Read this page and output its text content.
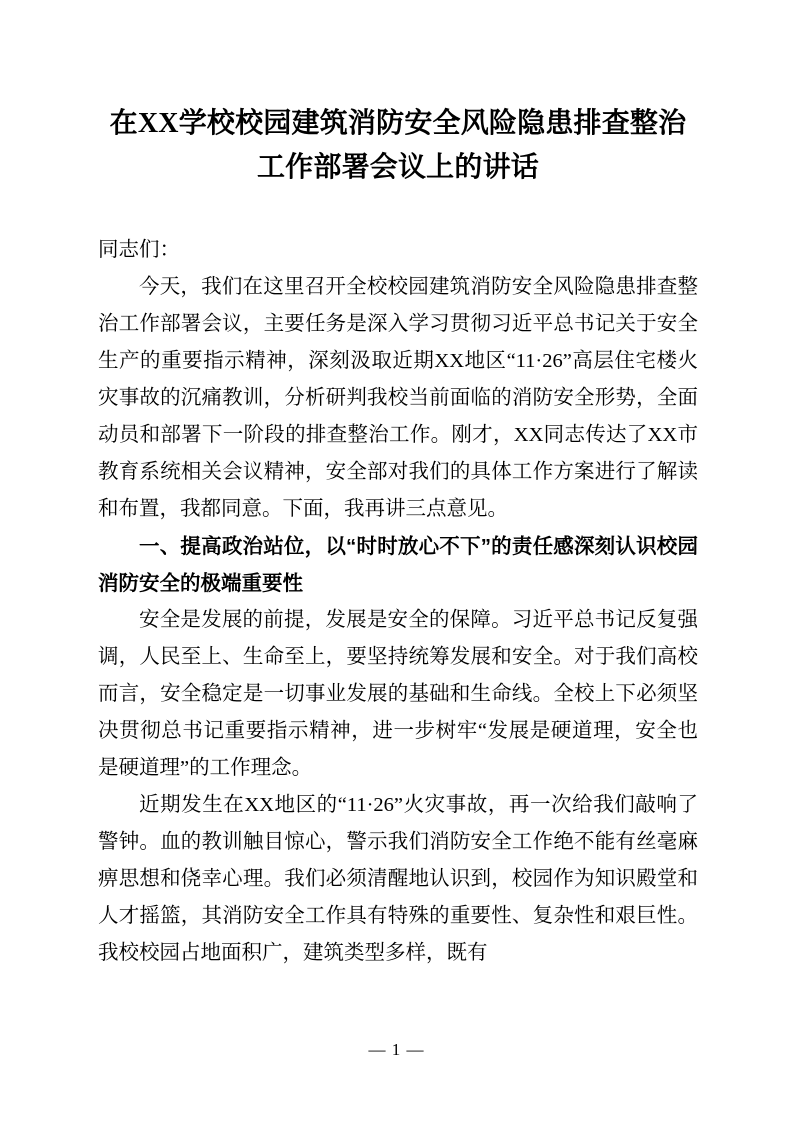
在XX学校校园建筑消防安全风险隐患排查整治工作部署会议上的讲话

同志们：

今天，我们在这里召开全校校园建筑消防安全风险隐患排查整治工作部署会议，主要任务是深入学习贯彻习近平总书记关于安全生产的重要指示精神，深刻汲取近期XX地区“11·26”高层住宅楼火灾事故的沉痛教训，分析研判我校当前面临的消防安全形势，全面动员和部署下一阶段的排查整治工作。刚才，XX同志传达了XX市教育系统相关会议精神，安全部对我们的具体工作方案进行了解读和布置，我都同意。下面，我再讲三点意见。

一、提高政治站位，以“时时放心不下”的责任感深刻认识校园消防安全的极端重要性

安全是发展的前提，发展是安全的保障。习近平总书记反复强调，人民至上、生命至上，要坚持统筹发展和安全。对于我们高校而言，安全稳定是一切事业发展的基础和生命线。全校上下必须坚决贯彻总书记重要指示精神，进一步树牢“发展是硬道理，安全也是硬道理”的工作理念。

近期发生在XX地区的“11·26”火灾事故，再一次给我们敲响了警钟。血的教训触目惊心，警示我们消防安全工作绝不能有丝毫麻痹思想和侥幸心理。我们必须清醒地认识到，校园作为知识殿堂和人才摇篮，其消防安全工作具有特殊的重要性、复杂性和艰巨性。我校校园占地面积广，建筑类型多样，既有

— 1 —
